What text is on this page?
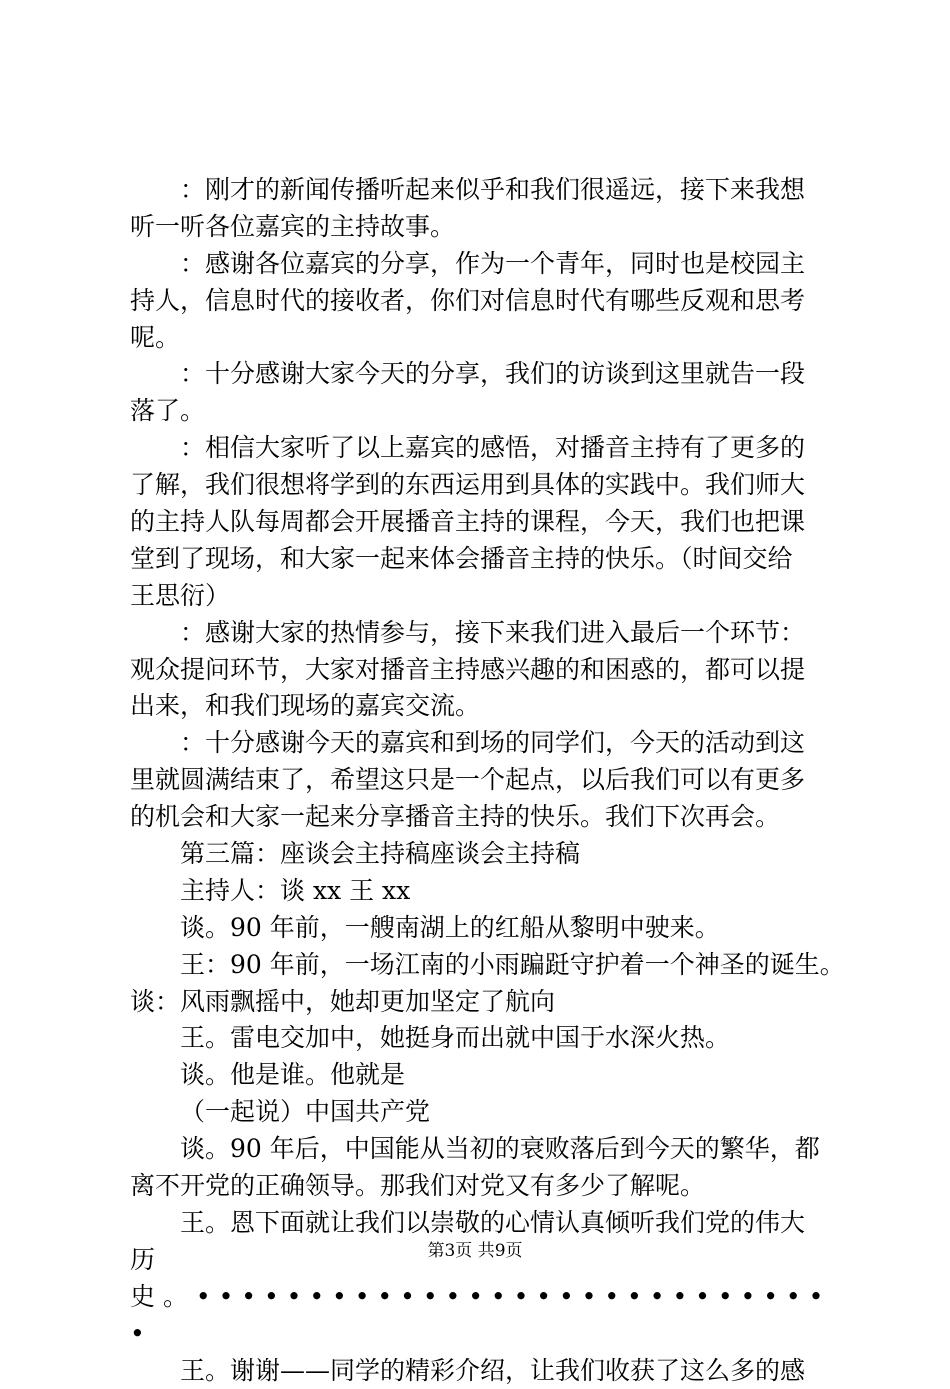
：刚才的新闻传播听起来似乎和我们很遥远，接下来我想
听一听各位嘉宾的主持故事。
：感谢各位嘉宾的分享，作为一个青年，同时也是校园主
持人，信息时代的接收者，你们对信息时代有哪些反观和思考
呢。
：十分感谢大家今天的分享，我们的访谈到这里就告一段
落了。
：相信大家听了以上嘉宾的感悟，对播音主持有了更多的
了解，我们很想将学到的东西运用到具体的实践中。我们师大
的主持人队每周都会开展播音主持的课程，今天，我们也把课
堂到了现场，和大家一起来体会播音主持的快乐。（时间交给
王思衍）
：感谢大家的热情参与，接下来我们进入最后一个环节：
观众提问环节，大家对播音主持感兴趣的和困惑的，都可以提
出来，和我们现场的嘉宾交流。
：十分感谢今天的嘉宾和到场的同学们，今天的活动到这
里就圆满结束了，希望这只是一个起点，以后我们可以有更多
的机会和大家一起来分享播音主持的快乐。我们下次再会。
第三篇：座谈会主持稿座谈会主持稿
主持人：谈 xx 王 xx
谈。90 年前，一艘南湖上的红船从黎明中驶来。
王：90 年前，一场江南的小雨蹁跹守护着一个神圣的诞生。
谈：风雨飘摇中，她却更加坚定了航向
王。雷电交加中，她挺身而出就中国于水深火热。
谈。他是谁。他就是
（一起说）中国共产党
谈。90 年后，中国能从当初的衰败落后到今天的繁华，都
离不开党的正确领导。那我们对党又有多少了解呢。
王。恩下面就让我们以崇敬的心情认真倾听我们党的伟大
历
史 。 • • • • • • • • • • • • • • • • • • • • • • • • • • • •
•
王。谢谢——同学的精彩介绍，让我们收获了这么多的感
第3页 共9页
